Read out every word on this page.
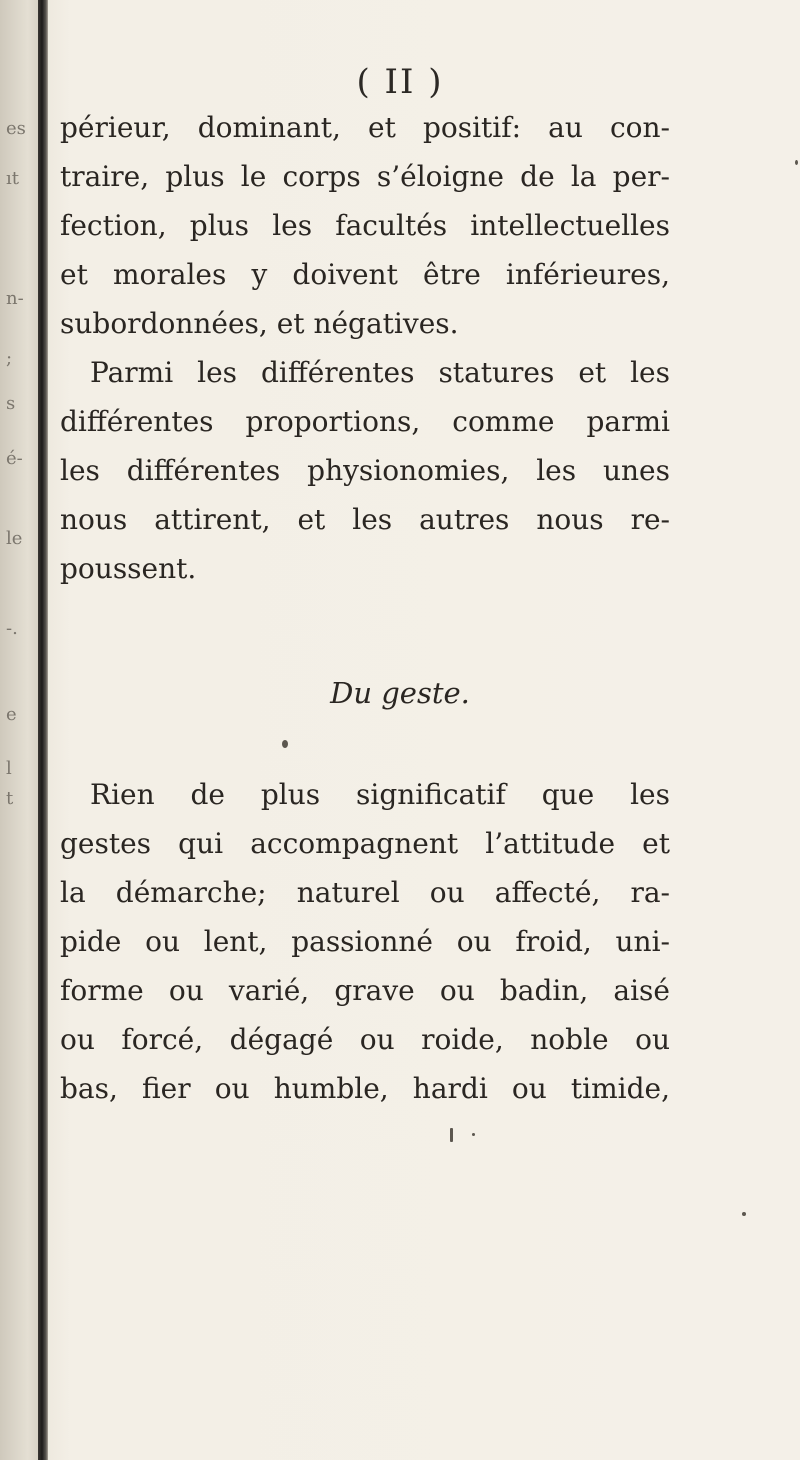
es
ıt
n-
;
s
é-
le
-.
e
l
t
( II )
périeur, dominant, et positif: au con-
traire, plus le corps s’éloigne de la per-
fection, plus les facultés intellectuelles
et morales y doivent être inférieures,
subordonnées, et négatives.
Parmi les différentes statures et les
différentes proportions, comme parmi
les différentes physionomies, les unes
nous attirent, et les autres nous re-
poussent.
Du geste.
Rien de plus significatif que les
gestes qui accompagnent l’attitude et
la démarche; naturel ou affecté, ra-
pide ou lent, passionné ou froid, uni-
forme ou varié, grave ou badin, aisé
ou forcé, dégagé ou roide, noble ou
bas, fier ou humble, hardi ou timide,
